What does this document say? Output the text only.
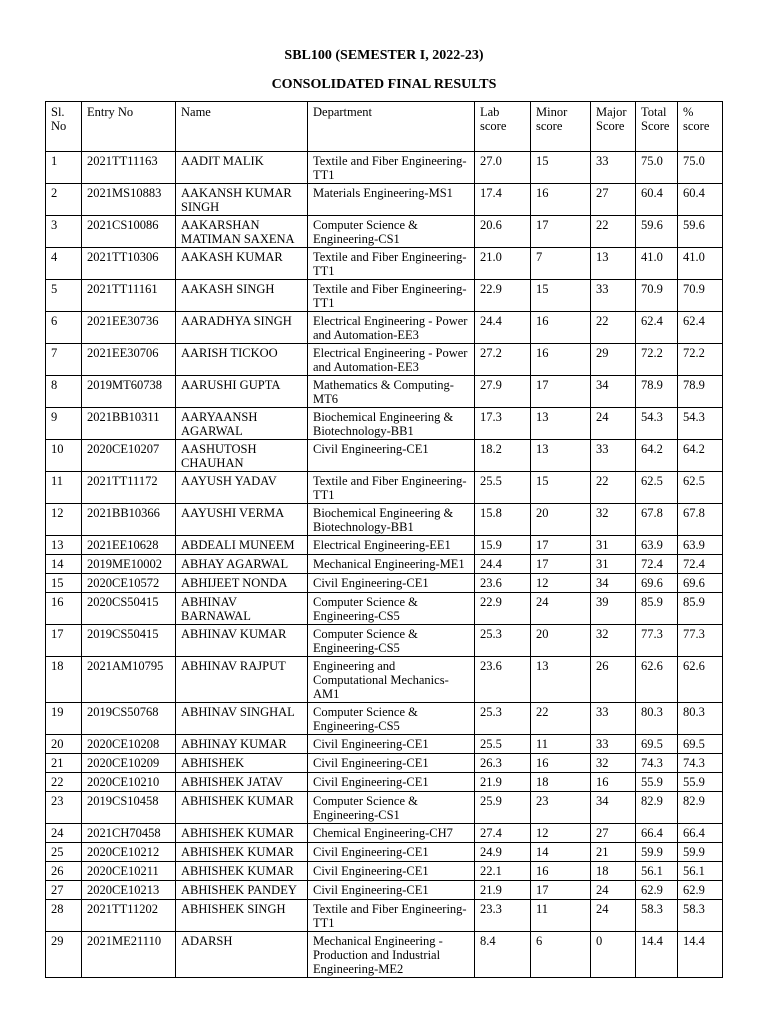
SBL100 (SEMESTER I, 2022-23)
CONSOLIDATED FINAL RESULTS
Sl. No	Entry No	Name	Department	Lab score	Minor score	Major Score	Total Score	% score
1	2021TT11163	AADIT MALIK	Textile and Fiber Engineering-TT1	27.0	15	33	75.0	75.0
2	2021MS10883	AAKANSH KUMAR SINGH	Materials Engineering-MS1	17.4	16	27	60.4	60.4
3	2021CS10086	AAKARSHAN MATIMAN SAXENA	Computer Science & Engineering-CS1	20.6	17	22	59.6	59.6
4	2021TT10306	AAKASH KUMAR	Textile and Fiber Engineering-TT1	21.0	7	13	41.0	41.0
5	2021TT11161	AAKASH SINGH	Textile and Fiber Engineering-TT1	22.9	15	33	70.9	70.9
6	2021EE30736	AARADHYA SINGH	Electrical Engineering - Power and Automation-EE3	24.4	16	22	62.4	62.4
7	2021EE30706	AARISH TICKOO	Electrical Engineering - Power and Automation-EE3	27.2	16	29	72.2	72.2
8	2019MT60738	AARUSHI GUPTA	Mathematics & Computing-MT6	27.9	17	34	78.9	78.9
9	2021BB10311	AARYAANSH AGARWAL	Biochemical Engineering & Biotechnology-BB1	17.3	13	24	54.3	54.3
10	2020CE10207	AASHUTOSH CHAUHAN	Civil Engineering-CE1	18.2	13	33	64.2	64.2
11	2021TT11172	AAYUSH YADAV	Textile and Fiber Engineering-TT1	25.5	15	22	62.5	62.5
12	2021BB10366	AAYUSHI VERMA	Biochemical Engineering & Biotechnology-BB1	15.8	20	32	67.8	67.8
13	2021EE10628	ABDEALI MUNEEM	Electrical Engineering-EE1	15.9	17	31	63.9	63.9
14	2019ME10002	ABHAY AGARWAL	Mechanical Engineering-ME1	24.4	17	31	72.4	72.4
15	2020CE10572	ABHIJEET NONDA	Civil Engineering-CE1	23.6	12	34	69.6	69.6
16	2020CS50415	ABHINAV BARNAWAL	Computer Science & Engineering-CS5	22.9	24	39	85.9	85.9
17	2019CS50415	ABHINAV KUMAR	Computer Science & Engineering-CS5	25.3	20	32	77.3	77.3
18	2021AM10795	ABHINAV RAJPUT	Engineering and Computational Mechanics-AM1	23.6	13	26	62.6	62.6
19	2019CS50768	ABHINAV SINGHAL	Computer Science & Engineering-CS5	25.3	22	33	80.3	80.3
20	2020CE10208	ABHINAY KUMAR	Civil Engineering-CE1	25.5	11	33	69.5	69.5
21	2020CE10209	ABHISHEK	Civil Engineering-CE1	26.3	16	32	74.3	74.3
22	2020CE10210	ABHISHEK JATAV	Civil Engineering-CE1	21.9	18	16	55.9	55.9
23	2019CS10458	ABHISHEK KUMAR	Computer Science & Engineering-CS1	25.9	23	34	82.9	82.9
24	2021CH70458	ABHISHEK KUMAR	Chemical Engineering-CH7	27.4	12	27	66.4	66.4
25	2020CE10212	ABHISHEK KUMAR	Civil Engineering-CE1	24.9	14	21	59.9	59.9
26	2020CE10211	ABHISHEK KUMAR	Civil Engineering-CE1	22.1	16	18	56.1	56.1
27	2020CE10213	ABHISHEK PANDEY	Civil Engineering-CE1	21.9	17	24	62.9	62.9
28	2021TT11202	ABHISHEK SINGH	Textile and Fiber Engineering-TT1	23.3	11	24	58.3	58.3
29	2021ME21110	ADARSH	Mechanical Engineering - Production and Industrial Engineering-ME2	8.4	6	0	14.4	14.4
